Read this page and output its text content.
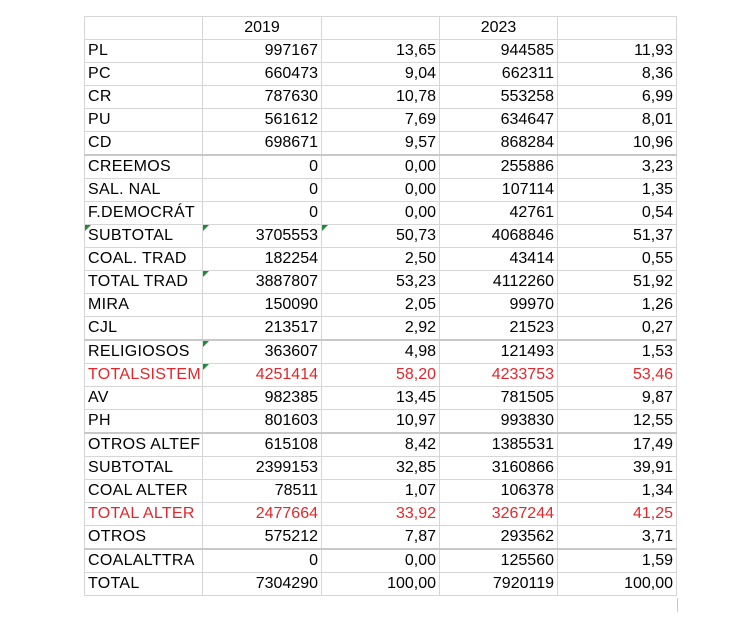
	2019		2023	
PL	997167	13,65	944585	11,93
PC	660473	9,04	662311	8,36
CR	787630	10,78	553258	6,99
PU	561612	7,69	634647	8,01
CD	698671	9,57	868284	10,96
CREEMOS	0	0,00	255886	3,23
SAL. NAL	0	0,00	107114	1,35
F.DEMOCRÁT	0	0,00	42761	0,54
SUBTOTAL	3705553	50,73	4068846	51,37
COAL. TRAD	182254	2,50	43414	0,55
TOTAL TRAD	3887807	53,23	4112260	51,92
MIRA	150090	2,05	99970	1,26
CJL	213517	2,92	21523	0,27
RELIGIOSOS	363607	4,98	121493	1,53
TOTALSISTEM	4251414	58,20	4233753	53,46
AV	982385	13,45	781505	9,87
PH	801603	10,97	993830	12,55
OTROS ALTEF	615108	8,42	1385531	17,49
SUBTOTAL	2399153	32,85	3160866	39,91
COAL ALTER	78511	1,07	106378	1,34
TOTAL ALTER	2477664	33,92	3267244	41,25
OTROS	575212	7,87	293562	3,71
COALALTTRA	0	0,00	125560	1,59
TOTAL	7304290	100,00	7920119	100,00
